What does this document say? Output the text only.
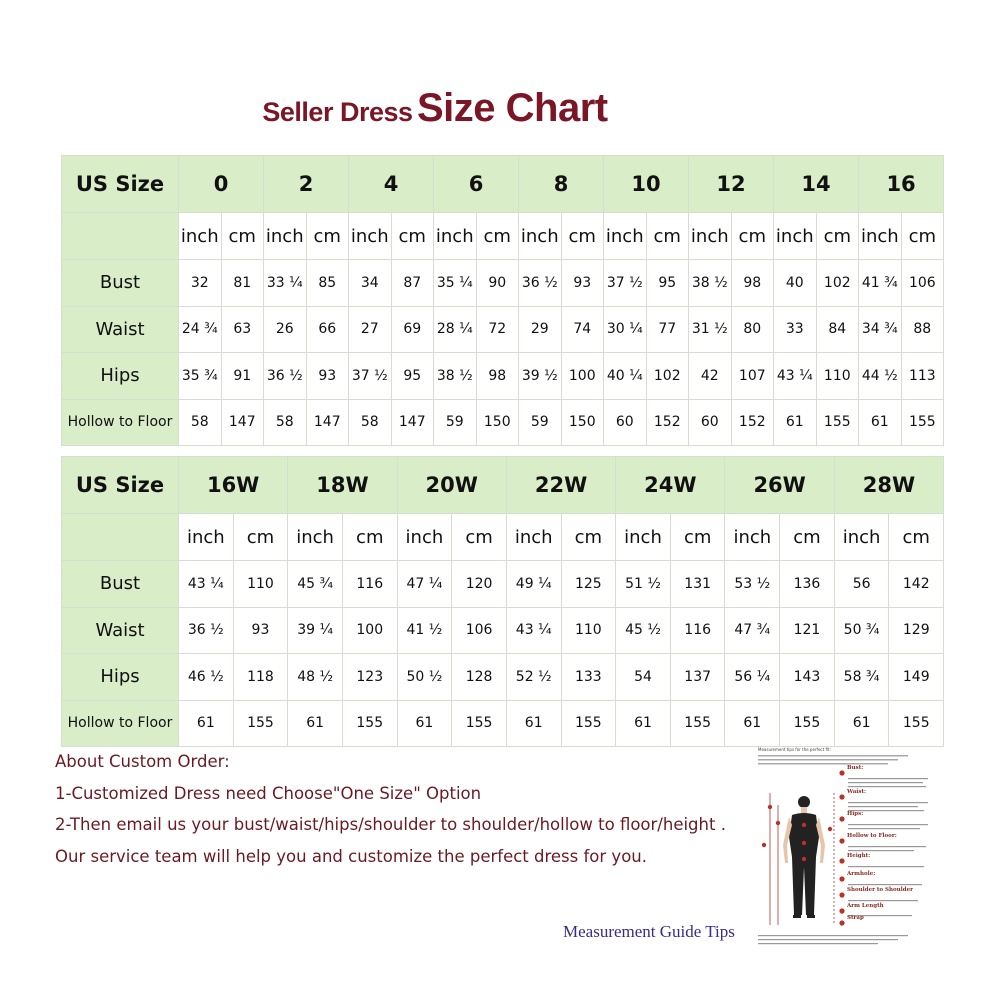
Seller Dress Size Chart
US Size	0		2		4		6		8		10		12		14		16	
	inch	cm	inch	cm	inch	cm	inch	cm	inch	cm	inch	cm	inch	cm	inch	cm	inch	cm
Bust	32	81	33 ¼	85	34	87	35 ¼	90	36 ½	93	37 ½	95	38 ½	98	40	102	41 ¾	106
Waist	24 ¾	63	26	66	27	69	28 ¼	72	29	74	30 ¼	77	31 ½	80	33	84	34 ¾	88
Hips	35 ¾	91	36 ½	93	37 ½	95	38 ½	98	39 ½	100	40 ¼	102	42	107	43 ¼	110	44 ½	113
Hollow to Floor	58	147	58	147	58	147	59	150	59	150	60	152	60	152	61	155	61	155
US Size	16W		18W		20W		22W		24W		26W		28W	
	inch	cm	inch	cm	inch	cm	inch	cm	inch	cm	inch	cm	inch	cm
Bust	43 ¼	110	45 ¾	116	47 ¼	120	49 ¼	125	51 ½	131	53 ½	136	56	142
Waist	36 ½	93	39 ¼	100	41 ½	106	43 ¼	110	45 ½	116	47 ¾	121	50 ¾	129
Hips	46 ½	118	48 ½	123	50 ½	128	52 ½	133	54	137	56 ¼	143	58 ¾	149
Hollow to Floor	61	155	61	155	61	155	61	155	61	155	61	155	61	155
About Custom Order:
1-Customized Dress need Choose"One Size" Option
2-Then email us your bust/waist/hips/shoulder to shoulder/hollow to floor/height .
Our service team will help you and customize the perfect dress for you.
Measurement tips for the perfect fit:
Bust:
Waist:
Hips:
Hollow to Floor:
Height:
Armhole:
Shoulder to Shoulder
Arm Length
Strap
Measurement Guide Tips
